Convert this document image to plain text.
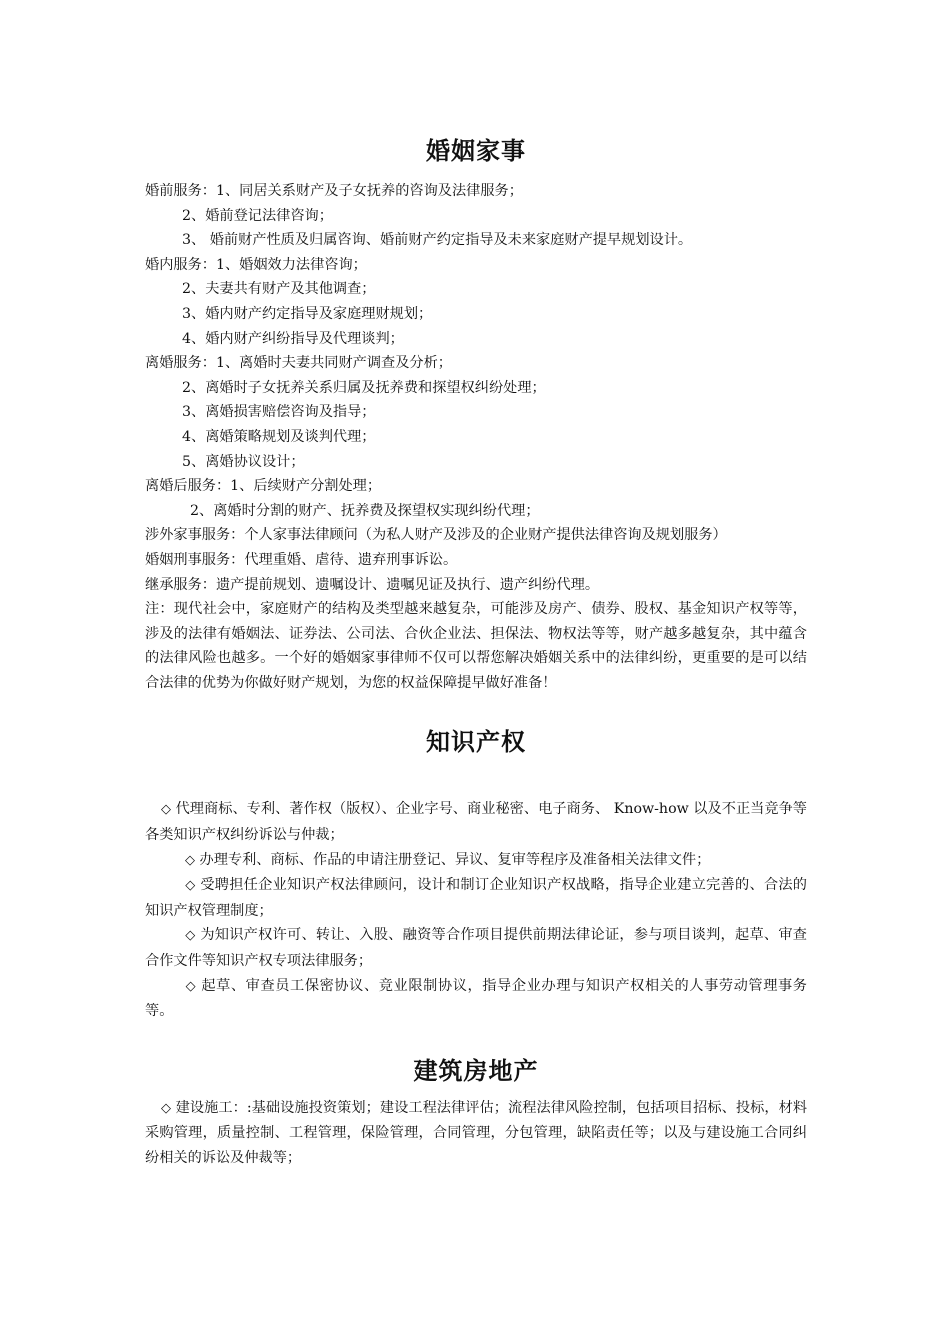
婚姻家事

婚前服务：1、同居关系财产及子女抚养的咨询及法律服务；

2、婚前登记法律咨询；

3、 婚前财产性质及归属咨询、婚前财产约定指导及未来家庭财产提早规划设计。

婚内服务：1、婚姻效力法律咨询；

2、夫妻共有财产及其他调查；

3、婚内财产约定指导及家庭理财规划；

4、婚内财产纠纷指导及代理谈判；

离婚服务：1、离婚时夫妻共同财产调查及分析；

2、离婚时子女抚养关系归属及抚养费和探望权纠纷处理；

3、离婚损害赔偿咨询及指导；

4、离婚策略规划及谈判代理；

5、离婚协议设计；

离婚后服务：1、后续财产分割处理；

2、离婚时分割的财产、抚养费及探望权实现纠纷代理；

涉外家事服务：个人家事法律顾问（为私人财产及涉及的企业财产提供法律咨询及规划服务）

婚姻刑事服务：代理重婚、虐待、遗弃刑事诉讼。

继承服务：遗产提前规划、遗嘱设计、遗嘱见证及执行、遗产纠纷代理。

注：现代社会中，家庭财产的结构及类型越来越复杂，可能涉及房产、债券、股权、基金知识产权等等，涉及的法律有婚姻法、证券法、公司法、合伙企业法、担保法、物权法等等，财产越多越复杂，其中蕴含的法律风险也越多。一个好的婚姻家事律师不仅可以帮您解决婚姻关系中的法律纠纷，更重要的是可以结合法律的优势为你做好财产规划，为您的权益保障提早做好准备！

知识产权

◇ 代理商标、专利、著作权（版权）、企业字号、商业秘密、电子商务、 Know-how 以及不正当竞争等各类知识产权纠纷诉讼与仲裁；

◇ 办理专利、商标、作品的申请注册登记、异议、复审等程序及准备相关法律文件；

◇ 受聘担任企业知识产权法律顾问，设计和制订企业知识产权战略，指导企业建立完善的、合法的知识产权管理制度；

◇ 为知识产权许可、转让、入股、融资等合作项目提供前期法律论证，参与项目谈判，起草、审查合作文件等知识产权专项法律服务；

◇ 起草、审查员工保密协议、竞业限制协议，指导企业办理与知识产权相关的人事劳动管理事务等。

建筑房地产

◇ 建设施工：:基础设施投资策划；建设工程法律评估；流程法律风险控制，包括项目招标、投标，材料采购管理，质量控制、工程管理，保险管理，合同管理，分包管理，缺陷责任等；以及与建设施工合同纠纷相关的诉讼及仲裁等；
